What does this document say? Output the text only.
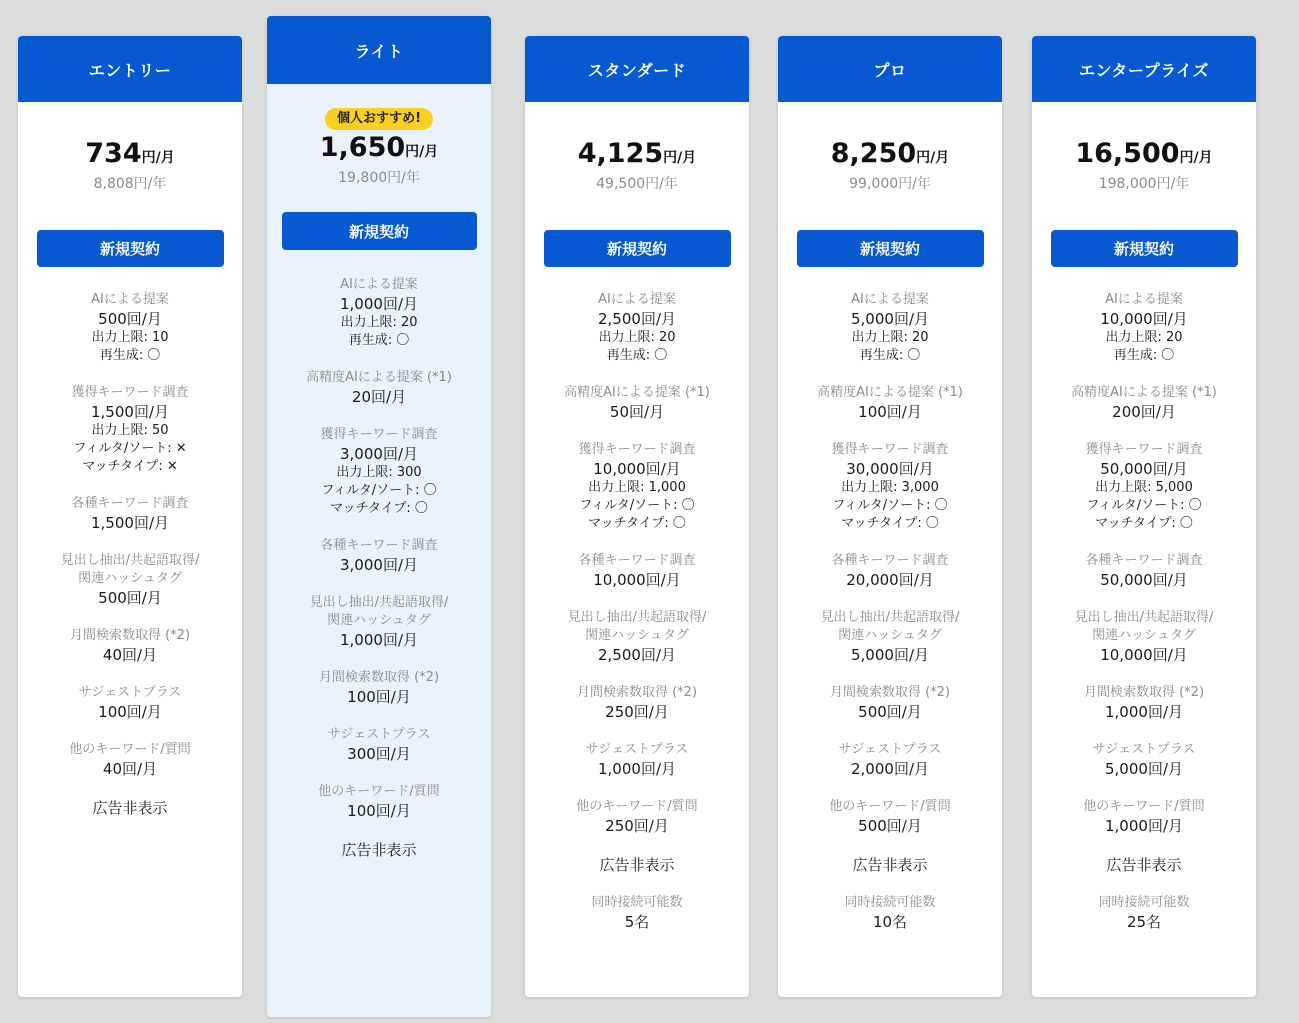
エントリー
734円/月
8,808円/年
新規契約
AIによる提案
500回/月
出力上限: 10
再生成: 〇
獲得キーワード調査
1,500回/月
出力上限: 50
フィルタ/ソート: ✕
マッチタイプ: ✕
各種キーワード調査
1,500回/月
見出し抽出/共起語取得/
関連ハッシュタグ
500回/月
月間検索数取得 (*2)
40回/月
サジェストプラス
100回/月
他のキーワード/質問
40回/月
広告非表示
ライト
個人おすすめ!
1,650円/月
19,800円/年
新規契約
AIによる提案
1,000回/月
出力上限: 20
再生成: 〇
高精度AIによる提案 (*1)
20回/月
獲得キーワード調査
3,000回/月
出力上限: 300
フィルタ/ソート: 〇
マッチタイプ: 〇
各種キーワード調査
3,000回/月
見出し抽出/共起語取得/
関連ハッシュタグ
1,000回/月
月間検索数取得 (*2)
100回/月
サジェストプラス
300回/月
他のキーワード/質問
100回/月
広告非表示
スタンダード
4,125円/月
49,500円/年
新規契約
AIによる提案
2,500回/月
出力上限: 20
再生成: 〇
高精度AIによる提案 (*1)
50回/月
獲得キーワード調査
10,000回/月
出力上限: 1,000
フィルタ/ソート: 〇
マッチタイプ: 〇
各種キーワード調査
10,000回/月
見出し抽出/共起語取得/
関連ハッシュタグ
2,500回/月
月間検索数取得 (*2)
250回/月
サジェストプラス
1,000回/月
他のキーワード/質問
250回/月
広告非表示
同時接続可能数
5名
プロ
8,250円/月
99,000円/年
新規契約
AIによる提案
5,000回/月
出力上限: 20
再生成: 〇
高精度AIによる提案 (*1)
100回/月
獲得キーワード調査
30,000回/月
出力上限: 3,000
フィルタ/ソート: 〇
マッチタイプ: 〇
各種キーワード調査
20,000回/月
見出し抽出/共起語取得/
関連ハッシュタグ
5,000回/月
月間検索数取得 (*2)
500回/月
サジェストプラス
2,000回/月
他のキーワード/質問
500回/月
広告非表示
同時接続可能数
10名
エンタープライズ
16,500円/月
198,000円/年
新規契約
AIによる提案
10,000回/月
出力上限: 20
再生成: 〇
高精度AIによる提案 (*1)
200回/月
獲得キーワード調査
50,000回/月
出力上限: 5,000
フィルタ/ソート: 〇
マッチタイプ: 〇
各種キーワード調査
50,000回/月
見出し抽出/共起語取得/
関連ハッシュタグ
10,000回/月
月間検索数取得 (*2)
1,000回/月
サジェストプラス
5,000回/月
他のキーワード/質問
1,000回/月
広告非表示
同時接続可能数
25名
